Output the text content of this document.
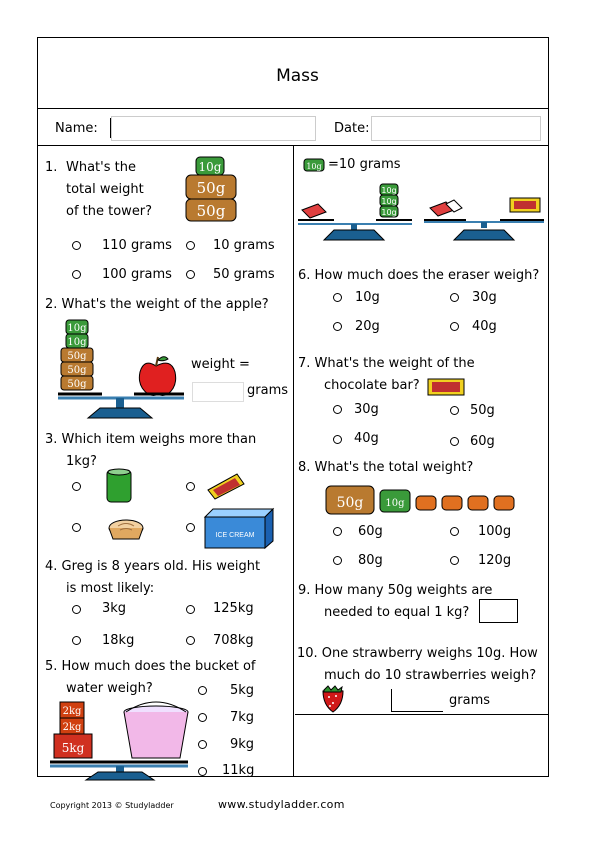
Mass
Name:	Date:
1. What's the
total weight
of the tower?
10g
50g
50g
110 grams	10 grams
100 grams	50 grams
2. What's the weight of the apple?
10g
10g
50g
50g
50g
weight =
grams
3. Which item weighs more than
1kg?
ICE CREAM
4. Greg is 8 years old. His weight
is most likely:
3kg	125kg
18kg	708kg
5. How much does the bucket of
water weigh?
2kg
2kg
5kg
5kg
7kg
9kg
11kg
10g =10 grams
10g
10g
10g
6. How much does the eraser weigh?
10g	30g
20g	40g
7. What's the weight of the
chocolate bar?
30g	50g
40g	60g
8. What's the total weight?
50g 10g
60g	100g
80g	120g
9. How many 50g weights are
needed to equal 1 kg?
10. One strawberry weighs 10g. How
much do 10 strawberries weigh?
grams
Copyright 2013 © Studyladder	www.studyladder.com
